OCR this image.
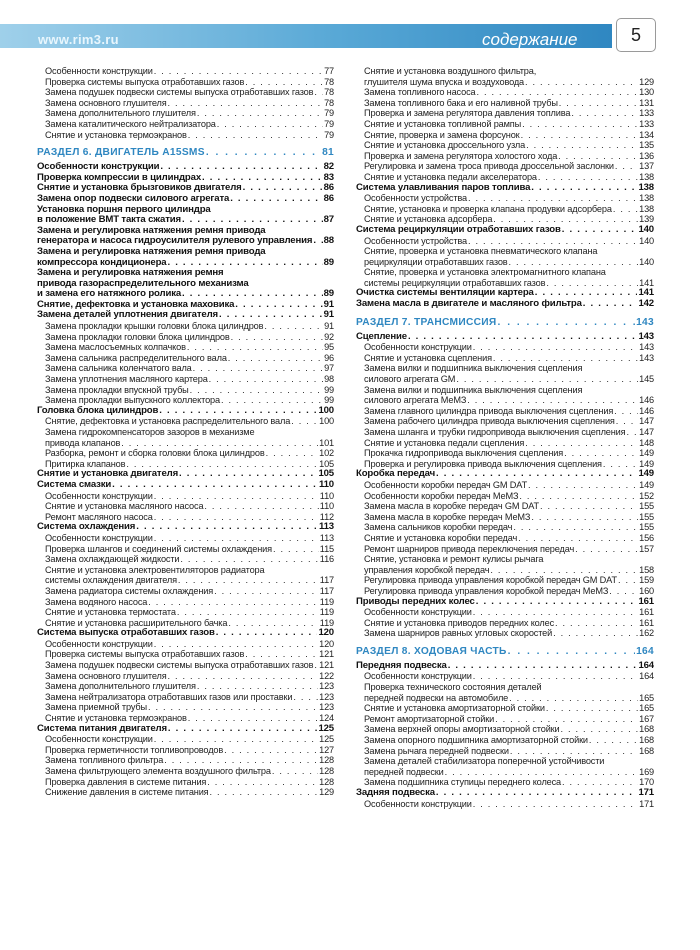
www.rim3.ru	содержание	5
Особенности конструкции . . .	77
Проверка системы выпуска отработавших газов . . .	78
Замена подушек подвески системы выпуска отработавших газов . . . 78
Замена основного глушителя . . .	78
Замена дополнительного глушителя . . .	79
Замена каталитического нейтрализатора . . .	79
Снятие и установка термоэкранов . . .	79
РАЗДЕЛ 6. ДВИГАТЕЛЬ A15SMS . . .	81
Особенности конструкции . . .	82
Проверка компрессии в цилиндрах . . .	83
Снятие и установка брызговиков двигателя . . .	86
Замена опор подвески силового агрегата . . .	86
Установка поршня первого цилиндра
в положение ВМТ такта сжатия . . .	87
Замена и регулировка натяжения ремня привода
генератора и насоса гидроусилителя рулевого управления . . . 88
Замена и регулировка натяжения ремня привода
компрессора кондиционера . . .	89
Замена и регулировка натяжения ремня
привода газораспределительного механизма
и замена его натяжного ролика . . .	89
Снятие, дефектовка и установка маховика . . .	91
Замена деталей уплотнения двигателя . . .	91
Замена прокладки крышки головки блока цилиндров . . .	91
Замена прокладки головки блока цилиндров . . .	92
Замена маслосъемных колпачков . . .	95
Замена сальника распределительного вала . . .	96
Замена сальника коленчатого вала . . .	97
Замена уплотнения масляного картера . . .	98
Замена прокладки впускной трубы . . .	99
Замена прокладки выпускного коллектора . . .	99
Головка блока цилиндров . . .	100
Снятие, дефектовка и установка распределительного вала . . .	100
Замена гидрокомпенсаторов зазоров в механизме
привода клапанов . . .	101
Разборка, ремонт и сборка головки блока цилиндров . . .	102
Притирка клапанов . . .	105
Снятие и установка двигателя . . .	105
Система смазки . . .	110
Особенности конструкции . . .	110
Снятие и установка масляного насоса . . .	110
Ремонт масляного насоса . . .	112
Система охлаждения . . .	113
Особенности конструкции . . .	113
Проверка шлангов и соединений системы охлаждения . . .	115
Замена охлаждающей жидкости . . .	116
Снятие и установка электровентиляторов радиатора
системы охлаждения двигателя . . .	117
Замена радиатора системы охлаждения . . .	117
Замена водяного насоса . . .	119
Снятие и установка термостата . . .	119
Снятие и установка расширительного бачка . . .	119
Система выпуска отработавших газов . . .	120
Особенности конструкции . . .	120
Проверка системы выпуска отработавших газов . . .	121
Замена подушек подвески системы выпуска отработавших газов . . . 121
Замена основного глушителя . . .	122
Замена дополнительного глушителя . . .	123
Замена нейтрализатора отработавших газов или проставки . . .	123
Замена приемной трубы . . .	123
Снятие и установка термоэкранов . . .	124
Система питания двигателя . . .	125
Особенности конструкции . . .	125
Проверка герметичности топливопроводов . . .	127
Замена топливного фильтра . . .	128
Замена фильтрующего элемента воздушного фильтра . . .	128
Проверка давления в системе питания . . .	128
Снижение давления в системе питания . . .	129
Снятие и установка воздушного фильтра,
глушителя шума впуска и воздуховода . . .	129
Замена топливного насоса . . .	130
Замена топливного бака и его наливной трубы . . .	131
Проверка и замена регулятора давления топлива . . .	133
Снятие и установка топливной рампы . . .	133
Снятие, проверка и замена форсунок . . .	134
Снятие и установка дроссельного узла . . .	135
Проверка и замена регулятора холостого хода . . .	136
Регулировка и замена троса привода дроссельной заслонки . . .	137
Снятие и установка педали акселератора . . .	138
Система улавливания паров топлива . . .	138
Особенности устройства . . .	138
Снятие, установка и проверка клапана продувки адсорбера . . .	138
Снятие и установка адсорбера . . .	139
Система рециркуляции отработавших газов . . .	140
Особенности устройства . . .	140
Снятие, проверка и установка пневматического клапана
рециркуляции отработавших газов . . .	140
Снятие, проверка и установка электромагнитного клапана
системы рециркуляции отработавших газов . . .	141
Очистка системы вентиляции картера . . .	141
Замена масла в двигателе и масляного фильтра . . .	142
РАЗДЕЛ 7. ТРАНСМИССИЯ . . .	143
Сцепление . . .	143
Особенности конструкции . . .	143
Снятие и установка сцепления . . .	143
Замена вилки и подшипника выключения сцепления
силового агрегата GM . . .	145
Замена вилки и подшипника выключения сцепления
силового агрегата МеМЗ . . .	146
Замена главного цилиндра привода выключения сцепления . . .	146
Замена рабочего цилиндра привода выключения сцепления . . .	147
Замена шланга и трубки гидропривода выключения сцепления . . . 147
Снятие и установка педали сцепления . . .	148
Прокачка гидропривода выключения сцепления . . .	149
Проверка и регулировка привода выключения сцепления . . .	149
Коробка передач . . .	149
Особенности коробки передач GM DAT . . .	149
Особенности коробки передач МеМЗ . . .	152
Замена масла в коробке передач GM DAT . . .	155
Замена масла в коробке передач МеМЗ . . .	155
Замена сальников коробки передач . . .	155
Снятие и установка коробки передач . . .	156
Ремонт шарниров привода переключения передач . . .	157
Снятие, установка и ремонт кулисы рычага
управления коробкой передач . . .	158
Регулировка привода управления коробкой передач GM DAT . . . 159
Регулировка привода управления коробкой передач МеМЗ . . .	160
Приводы передних колес . . .	161
Особенности конструкции . . .	161
Снятие и установка приводов передних колес . . .	161
Замена шарниров равных угловых скоростей . . .	162
РАЗДЕЛ 8. ХОДОВАЯ ЧАСТЬ . . .	164
Передняя подвеска . . .	164
Особенности конструкции . . .	164
Проверка технического состояния деталей
передней подвески на автомобиле . . .	165
Снятие и установка амортизаторной стойки . . .	165
Ремонт амортизаторной стойки . . .	167
Замена верхней опоры амортизаторной стойки . . .	168
Замена опорного подшипника амортизаторной стойки . . .	168
Замена рычага передней подвески . . .	168
Замена деталей стабилизатора поперечной устойчивости
передней подвески . . .	169
Замена подшипника ступицы переднего колеса . . .	170
Задняя подвеска . . .	171
Особенности конструкции . . .	171
